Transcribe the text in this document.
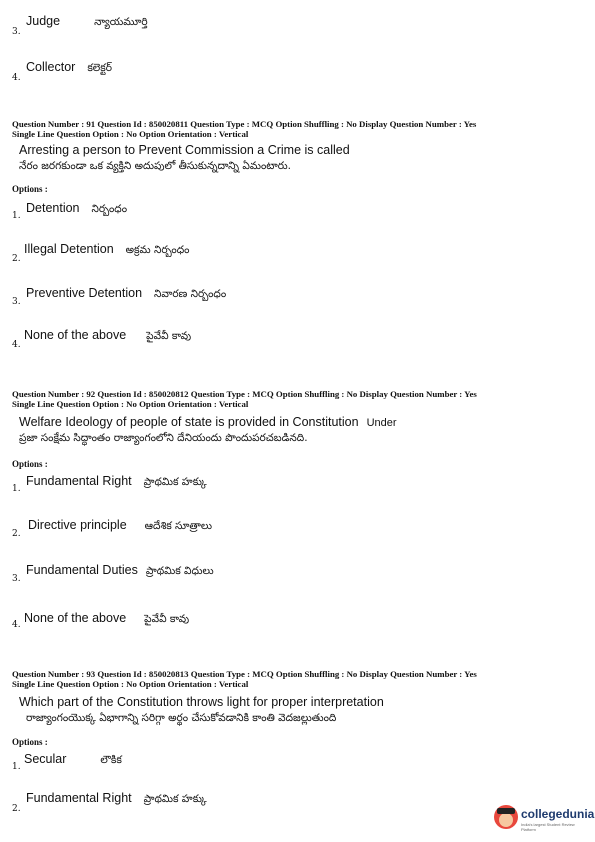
3.
Judge	న్యాయమూర్తి
4.
Collector కలెక్టర్
Question Number : 91 Question Id : 850020811 Question Type : MCQ Option Shuffling : No Display Question Number : Yes
Single Line Question Option : No Option Orientation : Vertical
Arresting a person to Prevent Commission a Crime is called
నేరం జరగకుండా ఒక వ్యక్తిని అదుపులో తీసుకున్నదాన్ని ఏమంటారు.
Options :
1.
Detention నిర్బంధం
2.
Illegal Detention అక్రమ నిర్బంధం
3.
Preventive Detention నివారణ నిర్బంధం
4.
None of the above పైవేవీ కావు
Question Number : 92 Question Id : 850020812 Question Type : MCQ Option Shuffling : No Display Question Number : Yes
Single Line Question Option : No Option Orientation : Vertical
Welfare Ideology of people of state is provided in Constitution Under
ప్రజా సంక్షేమ సిద్ధాంతం రాజ్యాంగంలోని దేనియందు పొందుపరచబడినది.
Options :
1.
Fundamental Right ప్రాథమిక హక్కు
2.
Directive principle ఆదేశిక సూత్రాలు
3.
Fundamental Duties ప్రాథమిక విధులు
4. None of the above పైవేవీ కావు
Question Number : 93 Question Id : 850020813 Question Type : MCQ Option Shuffling : No Display Question Number : Yes
Single Line Question Option : No Option Orientation : Vertical
Which part of the Constitution throws light for proper interpretation
రాజ్యాంగంయొక్క ఏభాగాన్ని సరిగ్గా అర్థం చేసుకోవడానికి కాంతి వెదజల్లుతుంది
Options :
1.
Secular	లౌకిక
2.
Fundamental Right ప్రాథమిక హక్కు
collegedunia
India's largest Student Review Platform
